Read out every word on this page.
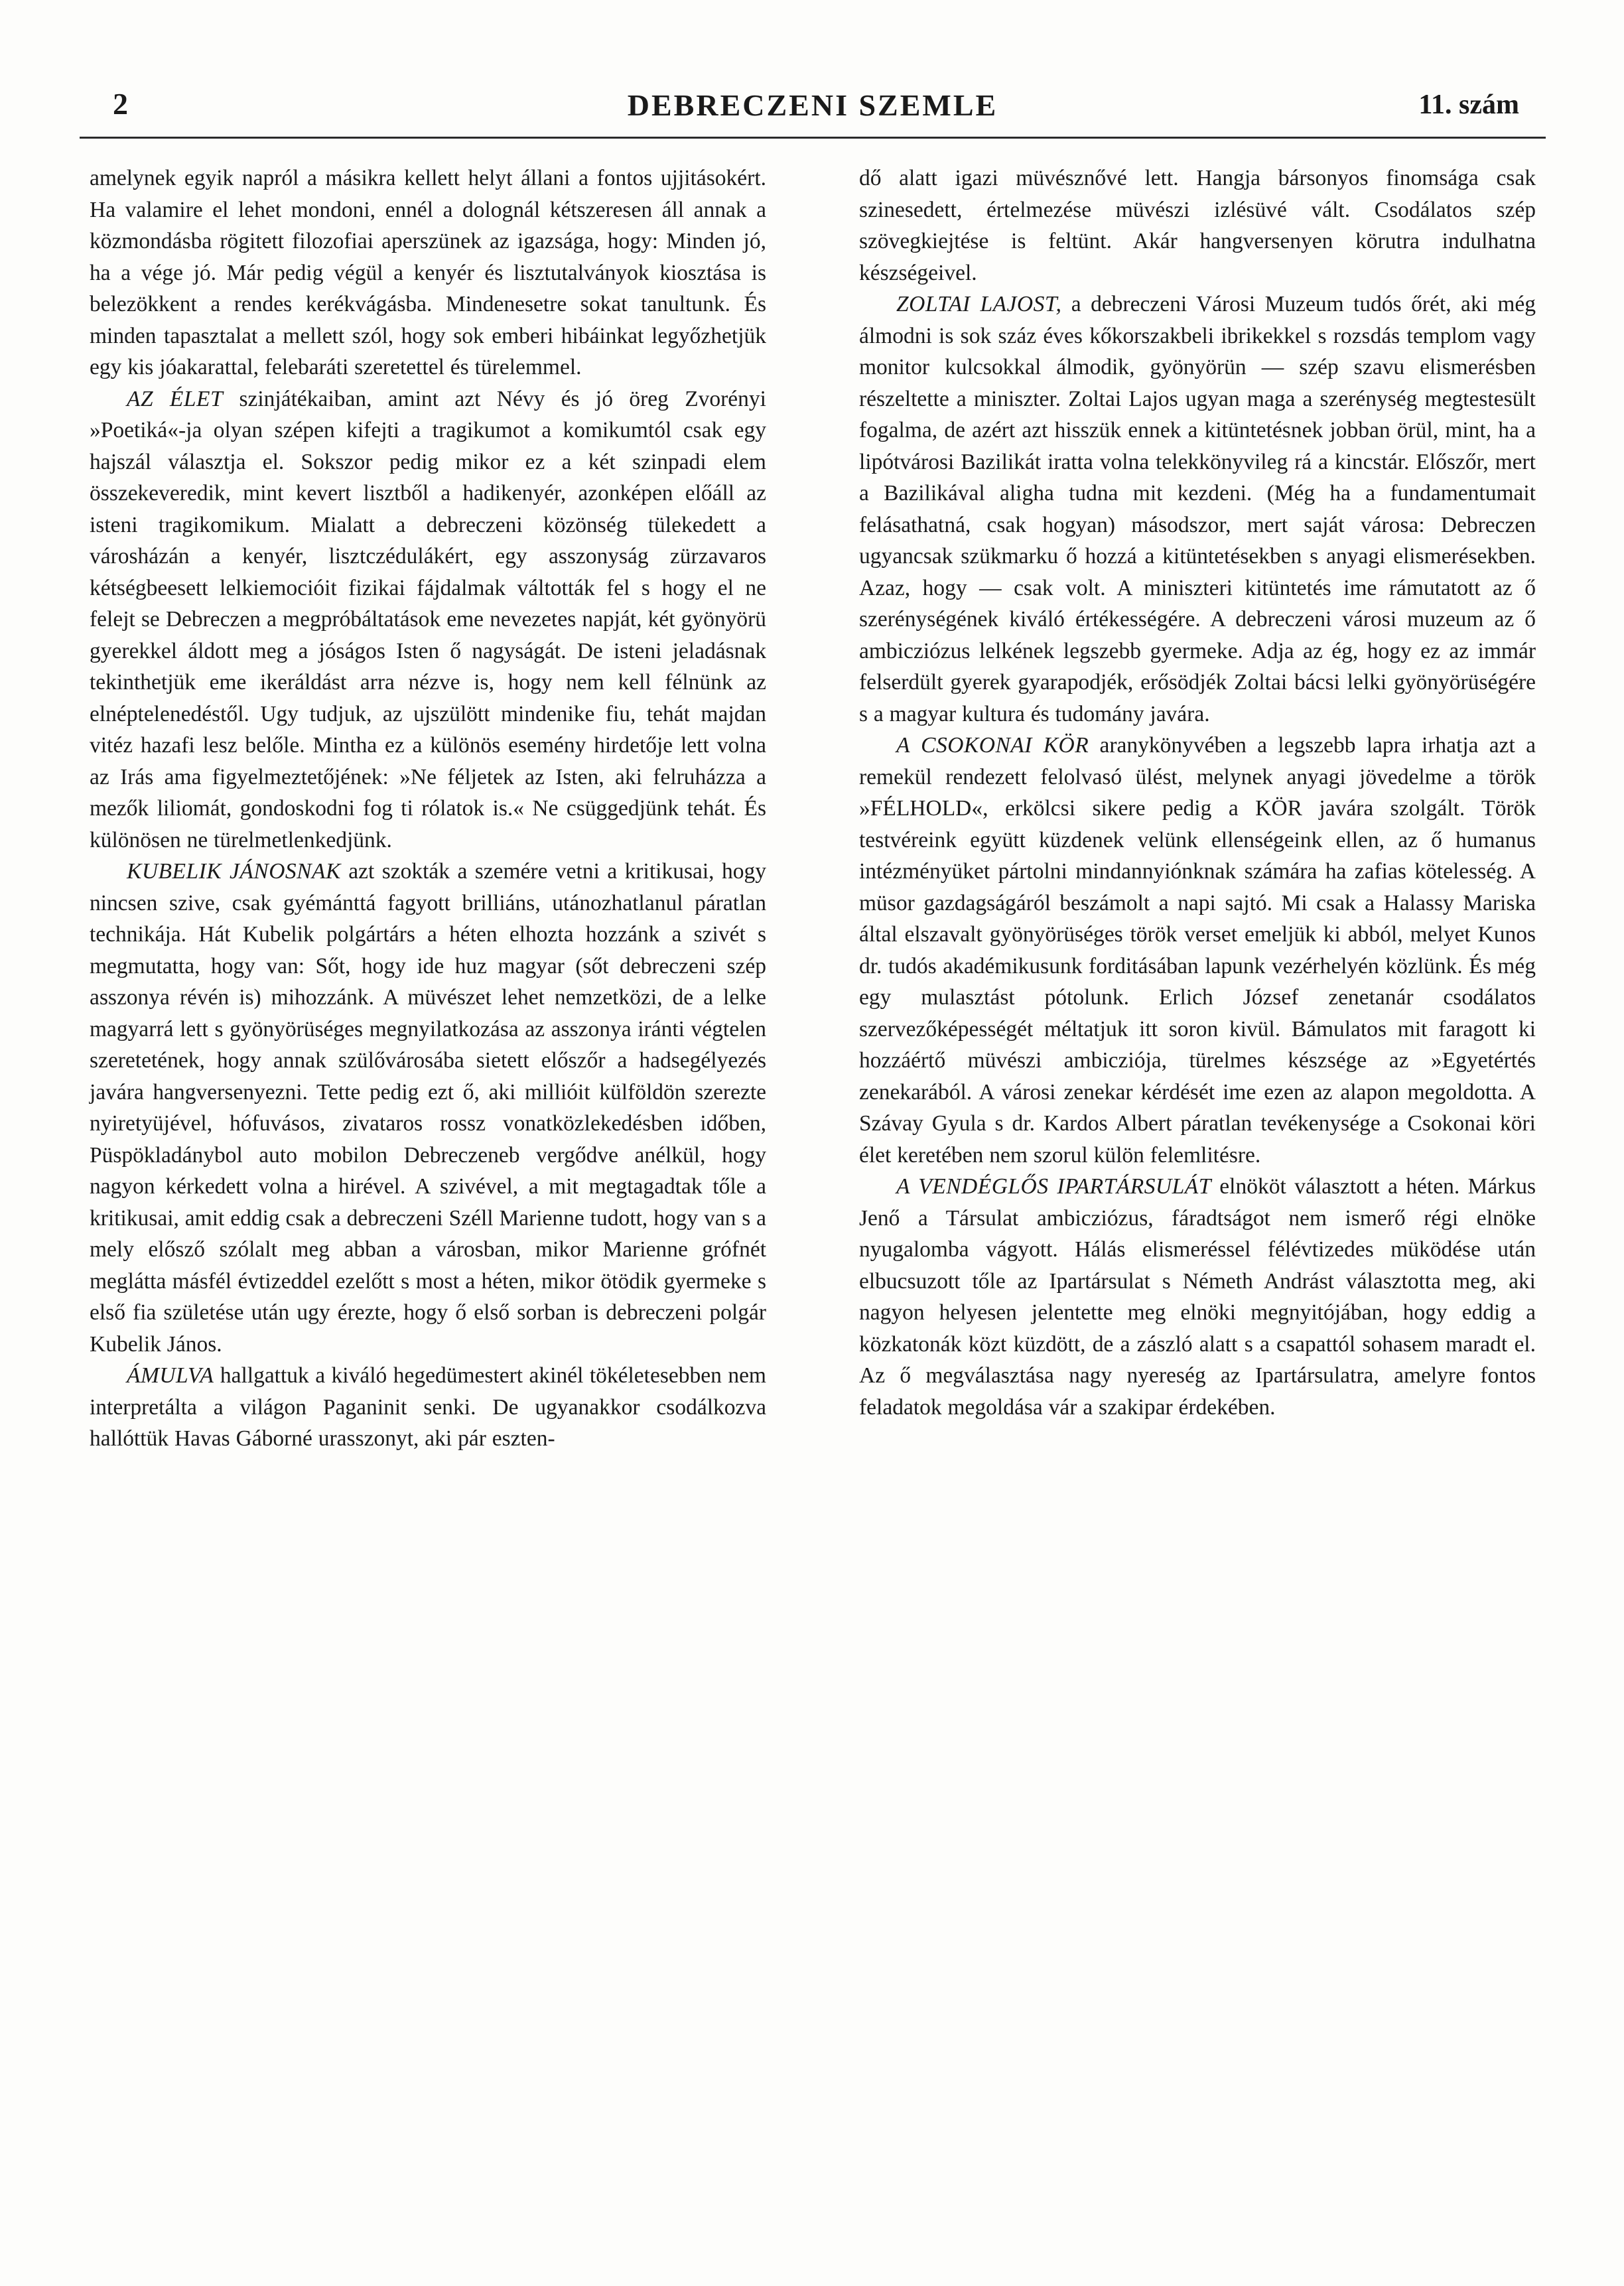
2	DEBRECZENI SZEMLE	11. szám

amelynek egyik napról a másikra kellett helyt állani a fontos ujjitásokért. Ha valamire el lehet mondoni, ennél a dolognál kétszeresen áll annak a közmondásba rögitett filozofiai aperszünek az igazsága, hogy: Minden jó, ha a vége jó. Már pedig végül a kenyér és lisztutalványok kiosztása is belezökkent a rendes kerékvágásba. Mindenesetre sokat tanultunk. És minden tapasztalat a mellett szól, hogy sok emberi hibáinkat legyőzhetjük egy kis jóakarattal, felebaráti szeretettel és türelemmel.

AZ ÉLET szinjátékaiban, amint azt Névy és jó öreg Zvorényi »Poetiká«-ja olyan szépen kifejti a tragikumot a komikumtól csak egy hajszál választja el. Sokszor pedig mikor ez a két szinpadi elem összekeveredik, mint kevert lisztből a hadikenyér, azonképen előáll az isteni tragikomikum. Mialatt a debreczeni közönség tülekedett a városházán a kenyér, lisztczédulákért, egy asszonyság zürzavaros kétségbeesett lelkiemocióit fizikai fájdalmak váltották fel s hogy el ne felejt se Debreczen a megpróbáltatások eme nevezetes napját, két gyönyörü gyerekkel áldott meg a jóságos Isten ő nagyságát. De isteni jeladásnak tekinthetjük eme ikeráldást arra nézve is, hogy nem kell félnünk az elnéptelenedéstől. Ugy tudjuk, az ujszülött mindenike fiu, tehát majdan vitéz hazafi lesz belőle. Mintha ez a különös esemény hirdetője lett volna az Irás ama figyelmeztetőjének: »Ne féljetek az Isten, aki felruházza a mezők liliomát, gondoskodni fog ti rólatok is.« Ne csüggedjünk tehát. És különösen ne türelmetlenkedjünk.

KUBELIK JÁNOSNAK azt szokták a szemére vetni a kritikusai, hogy nincsen szive, csak gyémánttá fagyott brilliáns, utánozhatlanul páratlan technikája. Hát Kubelik polgártárs a héten elhozta hozzánk a szivét s megmutatta, hogy van: Sőt, hogy ide huz magyar (sőt debreczeni szép asszonya révén is) mihozzánk. A müvészet lehet nemzetközi, de a lelke magyarrá lett s gyönyörüséges megnyilatkozása az asszonya iránti végtelen szeretetének, hogy annak szülővárosába sietett előszőr a hadsegélyezés javára hangversenyezni. Tette pedig ezt ő, aki millióit külföldön szerezte nyiretyüjével, hófuvásos, zivataros rossz vonatközlekedésben időben, Püspökladánybol auto mobilon Debreczeneb vergődve anélkül, hogy nagyon kérkedett volna a hirével. A szivével, a mit megtagadtak tőle a kritikusai, amit eddig csak a debreczeni Széll Marienne tudott, hogy van s a mely elősző szólalt meg abban a városban, mikor Marienne grófnét meglátta másfél évtizeddel ezelőtt s most a héten, mikor ötödik gyermeke s első fia születése után ugy érezte, hogy ő első sorban is debreczeni polgár Kubelik János.

ÁMULVA hallgattuk a kiváló hegedümestert akinél tökéletesebben nem interpretálta a világon Paganinit senki. De ugyanakkor csodálkozva hallóttük Havas Gáborné urasszonyt, aki pár eszten-

dő alatt igazi müvésznővé lett. Hangja bársonyos finomsága csak szinesedett, értelmezése müvészi izlésüvé vált. Csodálatos szép szövegkiejtése is feltünt. Akár hangversenyen körutra indulhatna készségeivel.

ZOLTAI LAJOST, a debreczeni Városi Muzeum tudós őrét, aki még álmodni is sok száz éves kőkorszakbeli ibrikekkel s rozsdás templom vagy monitor kulcsokkal álmodik, gyönyörün — szép szavu elismerésben részeltette a miniszter. Zoltai Lajos ugyan maga a szerénység megtestesült fogalma, de azért azt hisszük ennek a kitüntetésnek jobban örül, mint, ha a lipótvárosi Bazilikát iratta volna telekkönyvileg rá a kincstár. Előszőr, mert a Bazilikával aligha tudna mit kezdeni. (Még ha a fundamentumait felásathatná, csak hogyan) másodszor, mert saját városa: Debreczen ugyancsak szükmarku ő hozzá a kitüntetésekben s anyagi elismerésekben. Azaz, hogy — csak volt. A miniszteri kitüntetés ime rámutatott az ő szerénységének kiváló értékességére. A debreczeni városi muzeum az ő ambicziózus lelkének legszebb gyermeke. Adja az ég, hogy ez az immár felserdült gyerek gyarapodjék, erősödjék Zoltai bácsi lelki gyönyörüségére s a magyar kultura és tudomány javára.

A CSOKONAI KÖR aranykönyvében a legszebb lapra irhatja azt a remekül rendezett felolvasó ülést, melynek anyagi jövedelme a török »FÉLHOLD«, erkölcsi sikere pedig a KÖR javára szolgált. Török testvéreink együtt küzdenek velünk ellenségeink ellen, az ő humanus intézményüket pártolni mindannyiónknak számára ha zafias kötelesség. A müsor gazdagságáról beszámolt a napi sajtó. Mi csak a Halassy Mariska által elszavalt gyönyörüséges török verset emeljük ki abból, melyet Kunos dr. tudós akadémikusunk forditásában lapunk vezérhelyén közlünk. És még egy mulasztást pótolunk. Erlich József zenetanár csodálatos szervezőképességét méltatjuk itt soron kivül. Bámulatos mit faragott ki hozzáértő müvészi ambicziója, türelmes készsége az »Egyetértés zenekarából. A városi zenekar kérdését ime ezen az alapon megoldotta. A Szávay Gyula s dr. Kardos Albert páratlan tevékenysége a Csokonai köri élet keretében nem szorul külön felemlitésre.

A VENDÉGLŐS IPARTÁRSULÁT elnököt választott a héten. Márkus Jenő a Társulat ambicziózus, fáradtságot nem ismerő régi elnöke nyugalomba vágyott. Hálás elismeréssel félévtizedes müködése után elbucsuzott tőle az Ipartársulat s Németh Andrást választotta meg, aki nagyon helyesen jelentette meg elnöki megnyitójában, hogy eddig a közkatonák közt küzdött, de a zászló alatt s a csapattól sohasem maradt el. Az ő megválasztása nagy nyereség az Ipartársulatra, amelyre fontos feladatok megoldása vár a szakipar érdekében.
